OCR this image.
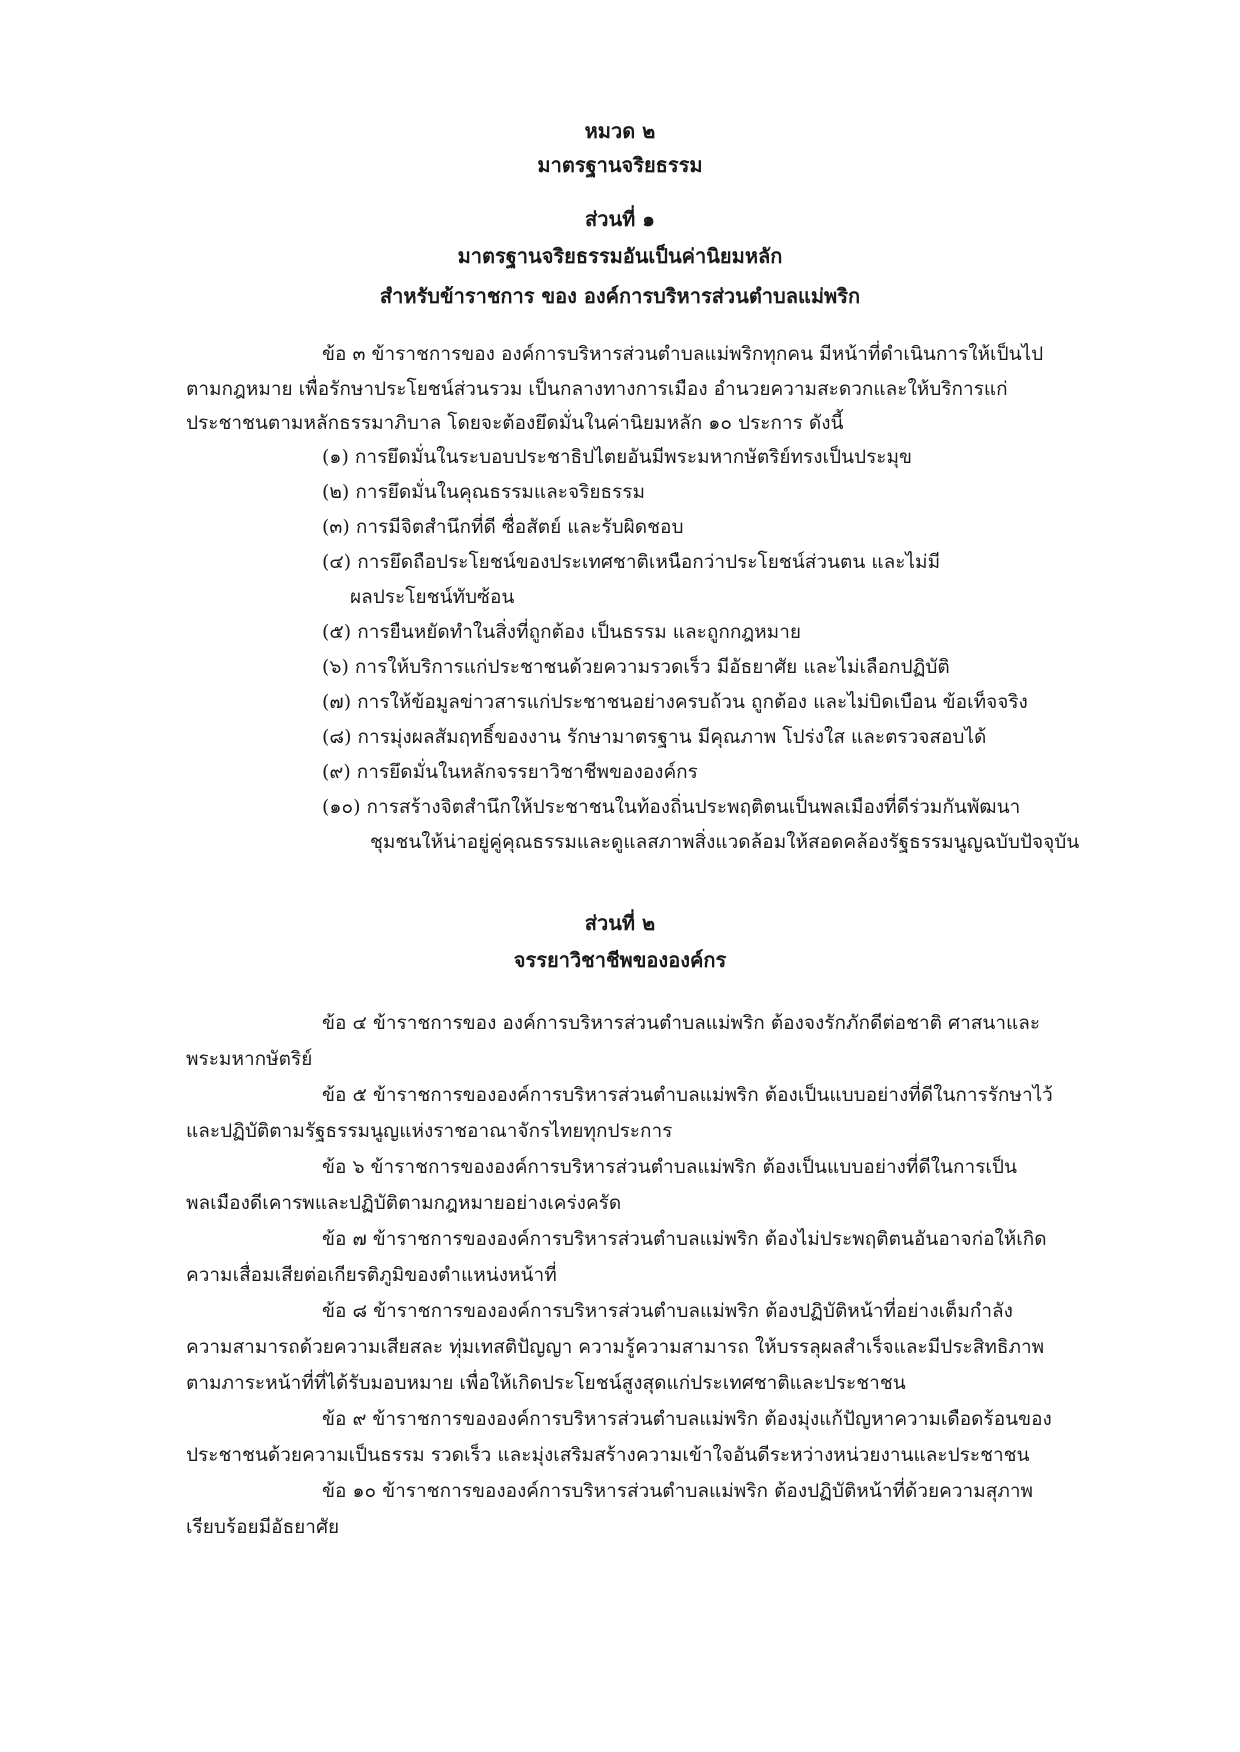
หมวด ๒
มาตรฐานจริยธรรม
ส่วนที่ ๑
มาตรฐานจริยธรรมอันเป็นค่านิยมหลัก
สำหรับข้าราชการ ของ องค์การบริหารส่วนตำบลแม่พริก
ข้อ ๓ ข้าราชการของ องค์การบริหารส่วนตำบลแม่พริกทุกคน มีหน้าที่ดำเนินการให้เป็นไป
ตามกฎหมาย เพื่อรักษาประโยชน์ส่วนรวม เป็นกลางทางการเมือง อำนวยความสะดวกและให้บริการแก่
ประชาชนตามหลักธรรมาภิบาล โดยจะต้องยึดมั่นในค่านิยมหลัก ๑๐ ประการ ดังนี้
(๑) การยึดมั่นในระบอบประชาธิปไตยอันมีพระมหากษัตริย์ทรงเป็นประมุข
(๒) การยึดมั่นในคุณธรรมและจริยธรรม
(๓) การมีจิตสำนึกที่ดี ซื่อสัตย์ และรับผิดชอบ
(๔) การยึดถือประโยชน์ของประเทศชาติเหนือกว่าประโยชน์ส่วนตน และไม่มี
ผลประโยชน์ทับซ้อน
(๕) การยืนหยัดทำในสิ่งที่ถูกต้อง เป็นธรรม และถูกกฎหมาย
(๖) การให้บริการแก่ประชาชนด้วยความรวดเร็ว มีอัธยาศัย และไม่เลือกปฏิบัติ
(๗) การให้ข้อมูลข่าวสารแก่ประชาชนอย่างครบถ้วน ถูกต้อง และไม่บิดเบือน ข้อเท็จจริง
(๘) การมุ่งผลสัมฤทธิ์ของงาน รักษามาตรฐาน มีคุณภาพ โปร่งใส และตรวจสอบได้
(๙) การยึดมั่นในหลักจรรยาวิชาชีพขององค์กร
(๑๐) การสร้างจิตสำนึกให้ประชาชนในท้องถิ่นประพฤติตนเป็นพลเมืองที่ดีร่วมกันพัฒนา
ชุมชนให้น่าอยู่คู่คุณธรรมและดูแลสภาพสิ่งแวดล้อมให้สอดคล้องรัฐธรรมนูญฉบับปัจจุบัน
ส่วนที่ ๒
จรรยาวิชาชีพขององค์กร
ข้อ ๔ ข้าราชการของ องค์การบริหารส่วนตำบลแม่พริก ต้องจงรักภักดีต่อชาติ ศาสนาและ
พระมหากษัตริย์
ข้อ ๕ ข้าราชการขององค์การบริหารส่วนตำบลแม่พริก ต้องเป็นแบบอย่างที่ดีในการรักษาไว้
และปฏิบัติตามรัฐธรรมนูญแห่งราชอาณาจักรไทยทุกประการ
ข้อ ๖ ข้าราชการขององค์การบริหารส่วนตำบลแม่พริก ต้องเป็นแบบอย่างที่ดีในการเป็น
พลเมืองดีเคารพและปฏิบัติตามกฎหมายอย่างเคร่งครัด
ข้อ ๗ ข้าราชการขององค์การบริหารส่วนตำบลแม่พริก ต้องไม่ประพฤติตนอันอาจก่อให้เกิด
ความเสื่อมเสียต่อเกียรติภูมิของตำแหน่งหน้าที่
ข้อ ๘ ข้าราชการขององค์การบริหารส่วนตำบลแม่พริก ต้องปฏิบัติหน้าที่อย่างเต็มกำลัง
ความสามารถด้วยความเสียสละ ทุ่มเทสติปัญญา ความรู้ความสามารถ ให้บรรลุผลสำเร็จและมีประสิทธิภาพ
ตามภาระหน้าที่ที่ได้รับมอบหมาย เพื่อให้เกิดประโยชน์สูงสุดแก่ประเทศชาติและประชาชน
ข้อ ๙ ข้าราชการขององค์การบริหารส่วนตำบลแม่พริก ต้องมุ่งแก้ปัญหาความเดือดร้อนของ
ประชาชนด้วยความเป็นธรรม รวดเร็ว และมุ่งเสริมสร้างความเข้าใจอันดีระหว่างหน่วยงานและประชาชน
ข้อ ๑๐ ข้าราชการขององค์การบริหารส่วนตำบลแม่พริก ต้องปฏิบัติหน้าที่ด้วยความสุภาพ
เรียบร้อยมีอัธยาศัย
